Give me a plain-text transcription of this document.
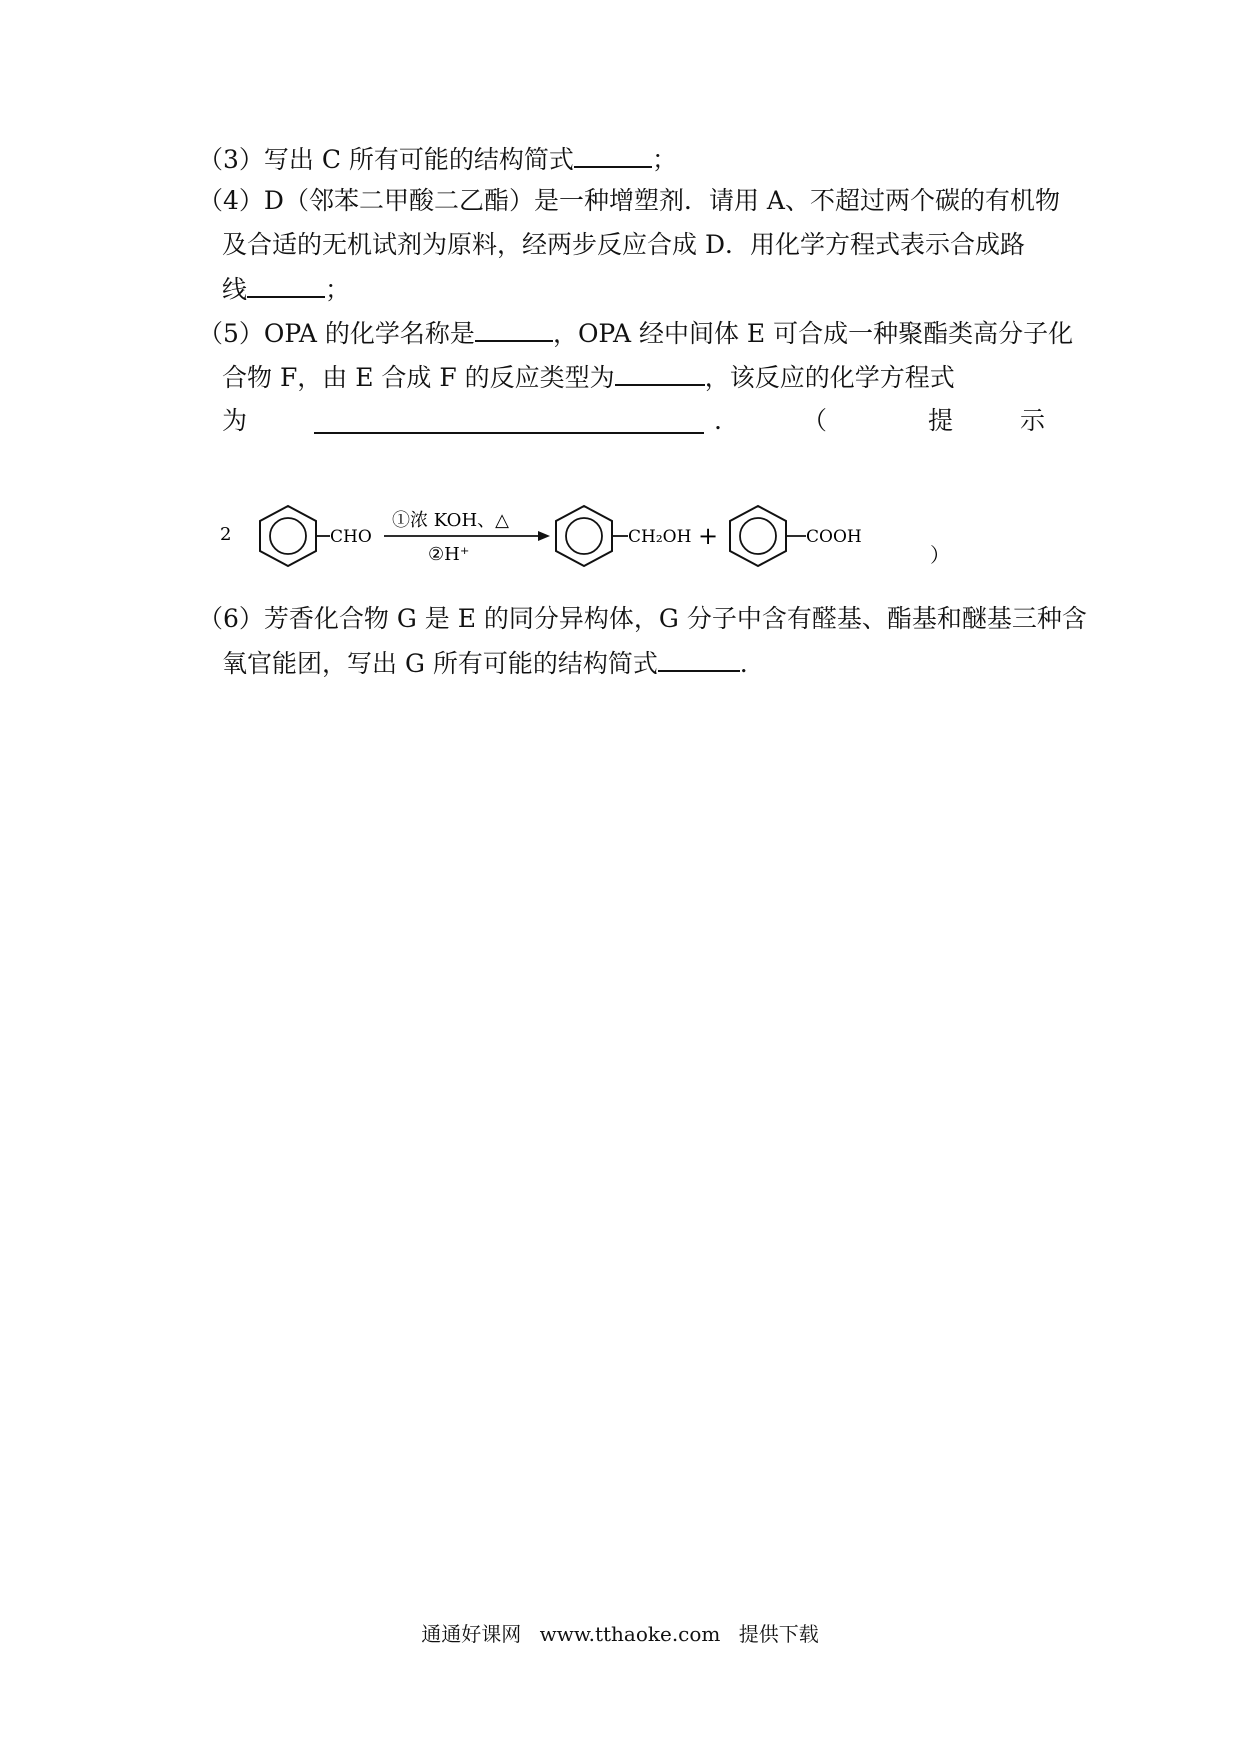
（3）写出 C 所有可能的结构简式	；
（4）D（邻苯二甲酸二乙酯）是一种增塑剂．请用 A、不超过两个碳的有机物
及合适的无机试剂为原料，经两步反应合成 D．用化学方程式表示合成路
线	；
（5）OPA 的化学名称是	，OPA 经中间体 E 可合成一种聚酯类高分子化
合物 F，由 E 合成 F 的反应类型为	，该反应的化学方程式
为	.	（	提	示
2	CHO
①浓 KOH、△
②H⁺
CH₂OH +	COOH
）
（6）芳香化合物 G 是 E 的同分异构体，G 分子中含有醛基、酯基和醚基三种含
氧官能团，写出 G 所有可能的结构简式	．
通通好课网 www.tthaoke.com 提供下载
